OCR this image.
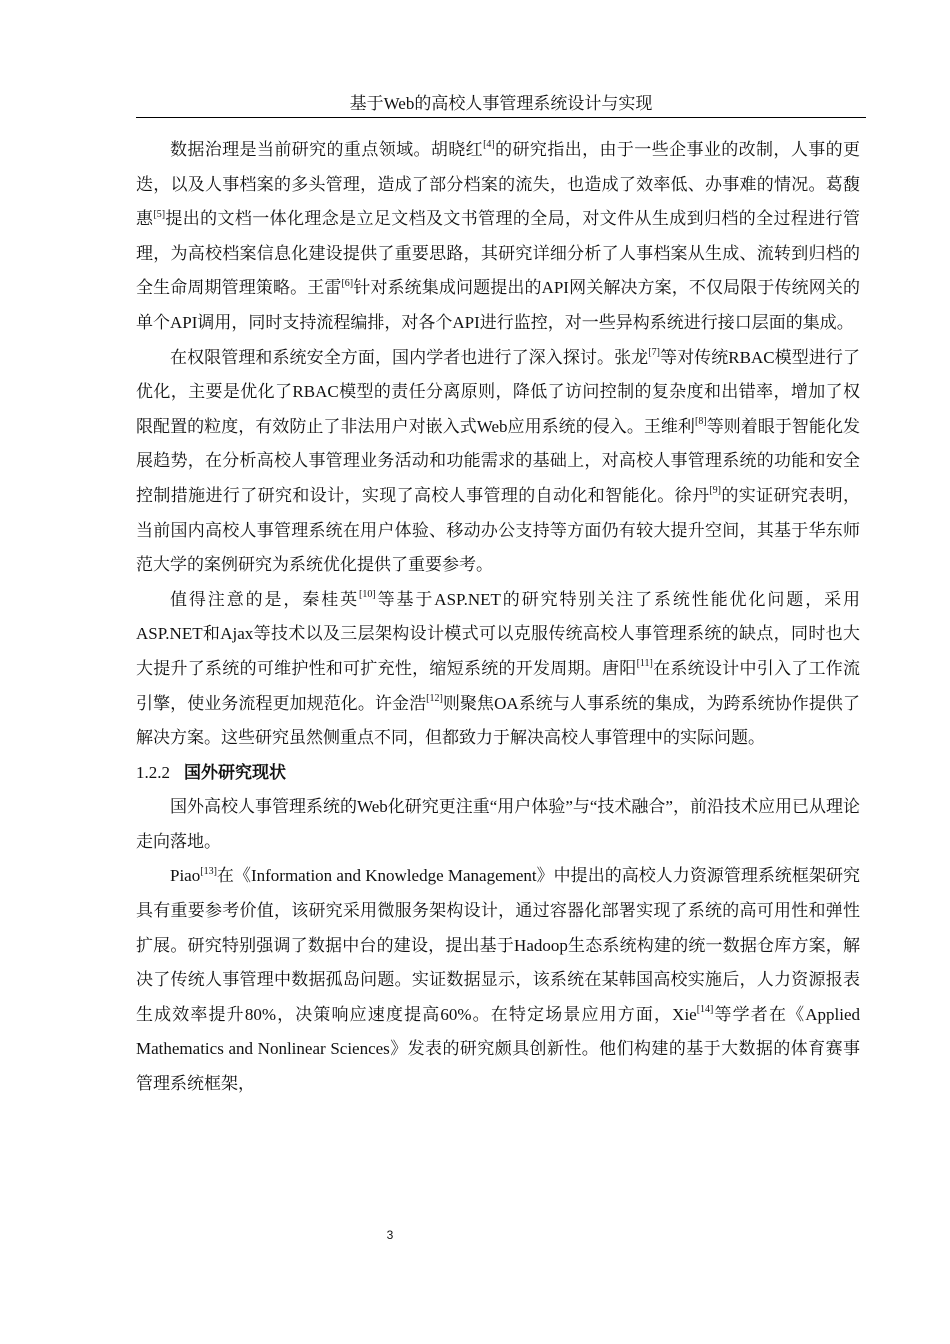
基于Web的高校人事管理系统设计与实现

数据治理是当前研究的重点领域。胡晓红[4]的研究指出，由于一些企事业的改制，人事的更迭，以及人事档案的多头管理，造成了部分档案的流失，也造成了效率低、办事难的情况。葛馥惠[5]提出的文档一体化理念是立足文档及文书管理的全局，对文件从生成到归档的全过程进行管理，为高校档案信息化建设提供了重要思路，其研究详细分析了人事档案从生成、流转到归档的全生命周期管理策略。王雷[6]针对系统集成问题提出的API网关解决方案，不仅局限于传统网关的单个API调用，同时支持流程编排，对各个API进行监控，对一些异构系统进行接口层面的集成。

在权限管理和系统安全方面，国内学者也进行了深入探讨。张龙[7]等对传统RBAC模型进行了优化，主要是优化了RBAC模型的责任分离原则，降低了访问控制的复杂度和出错率，增加了权限配置的粒度，有效防止了非法用户对嵌入式Web应用系统的侵入。王维利[8]等则着眼于智能化发展趋势，在分析高校人事管理业务活动和功能需求的基础上，对高校人事管理系统的功能和安全控制措施进行了研究和设计，实现了高校人事管理的自动化和智能化。徐丹[9]的实证研究表明，当前国内高校人事管理系统在用户体验、移动办公支持等方面仍有较大提升空间，其基于华东师范大学的案例研究为系统优化提供了重要参考。

值得注意的是，秦桂英[10]等基于ASP.NET的研究特别关注了系统性能优化问题，采用ASP.NET和Ajax等技术以及三层架构设计模式可以克服传统高校人事管理系统的缺点，同时也大大提升了系统的可维护性和可扩充性，缩短系统的开发周期。唐阳[11]在系统设计中引入了工作流引擎，使业务流程更加规范化。许金浩[12]则聚焦OA系统与人事系统的集成，为跨系统协作提供了解决方案。这些研究虽然侧重点不同，但都致力于解决高校人事管理中的实际问题。

1.2.2 国外研究现状

国外高校人事管理系统的Web化研究更注重“用户体验”与“技术融合”，前沿技术应用已从理论走向落地。

Piao[13]在《Information and Knowledge Management》中提出的高校人力资源管理系统框架研究具有重要参考价值，该研究采用微服务架构设计，通过容器化部署实现了系统的高可用性和弹性扩展。研究特别强调了数据中台的建设，提出基于Hadoop生态系统构建的统一数据仓库方案，解决了传统人事管理中数据孤岛问题。实证数据显示，该系统在某韩国高校实施后，人力资源报表生成效率提升80%，决策响应速度提高60%。在特定场景应用方面，Xie[14]等学者在《Applied Mathematics and Nonlinear Sciences》发表的研究颇具创新性。他们构建的基于大数据的体育赛事管理系统框架，

3
